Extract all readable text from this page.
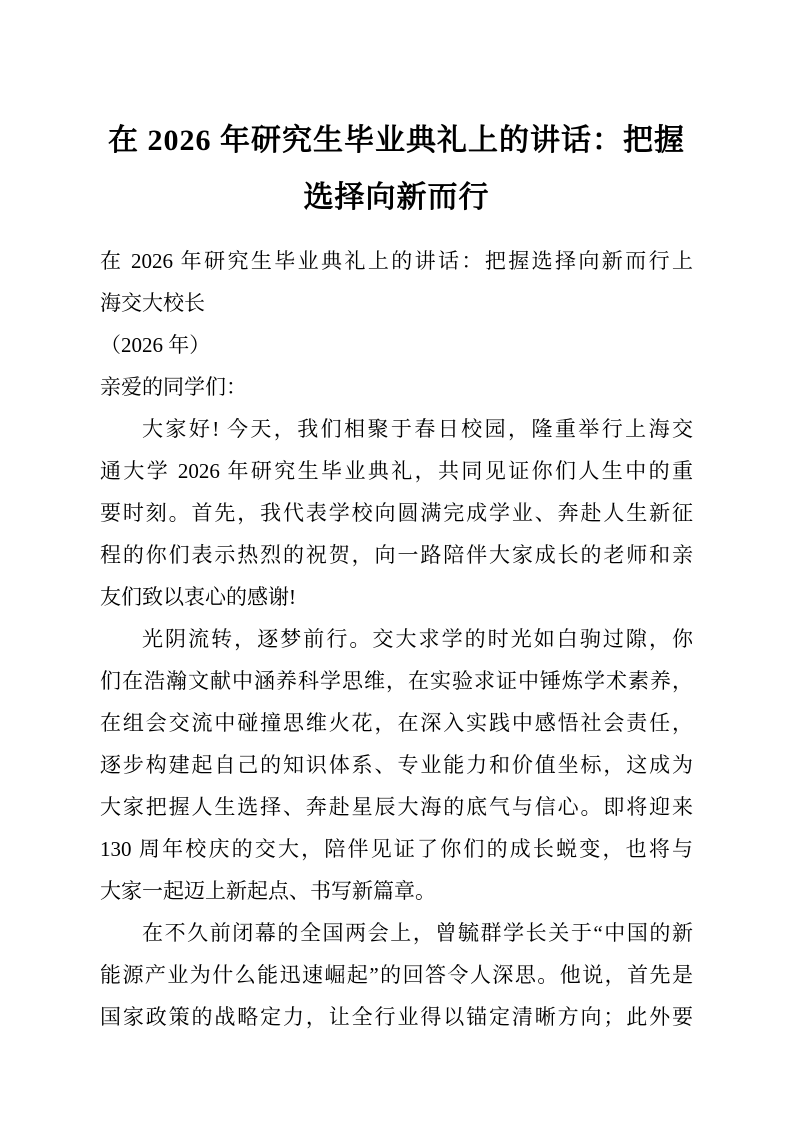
在 2026 年研究生毕业典礼上的讲话：把握
选择向新而行
在 2026 年研究生毕业典礼上的讲话：把握选择向新而行上
海交大校长
（2026 年）
亲爱的同学们：
大家好! 今天，我们相聚于春日校园，隆重举行上海交
通大学 2026 年研究生毕业典礼，共同见证你们人生中的重
要时刻。首先，我代表学校向圆满完成学业、奔赴人生新征
程的你们表示热烈的祝贺，向一路陪伴大家成长的老师和亲
友们致以衷心的感谢!
光阴流转，逐梦前行。交大求学的时光如白驹过隙，你
们在浩瀚文献中涵养科学思维，在实验求证中锤炼学术素养，
在组会交流中碰撞思维火花，在深入实践中感悟社会责任，
逐步构建起自己的知识体系、专业能力和价值坐标，这成为
大家把握人生选择、奔赴星辰大海的底气与信心。即将迎来
130 周年校庆的交大，陪伴见证了你们的成长蜕变，也将与
大家一起迈上新起点、书写新篇章。
在不久前闭幕的全国两会上，曾毓群学长关于“中国的新
能源产业为什么能迅速崛起”的回答令人深思。他说，首先是
国家政策的战略定力，让全行业得以锚定清晰方向；此外要
